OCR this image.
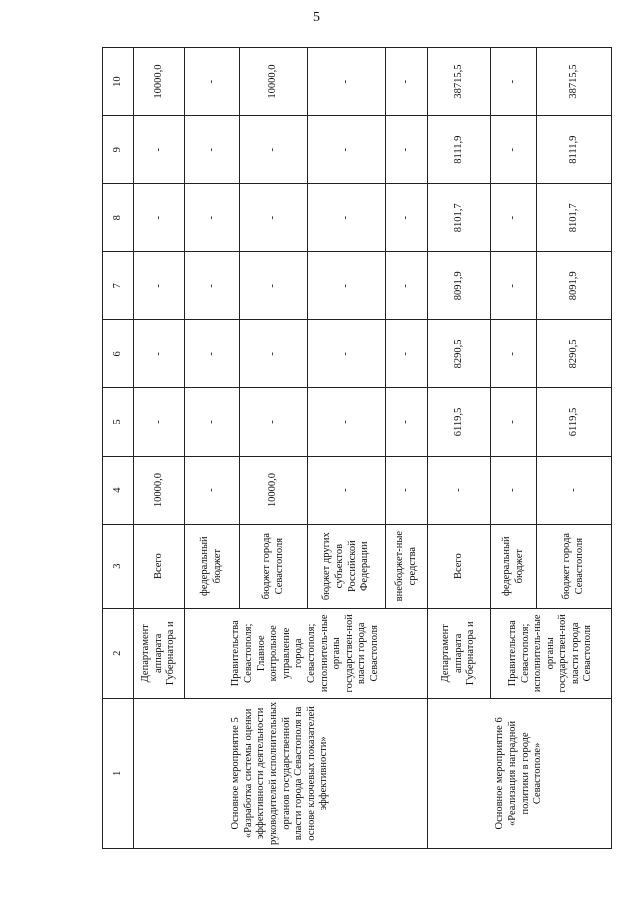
5
1	2	3	4	5	6	7	8	9	10
Основное мероприятие 5 «Разработка системы оценки эффективности деятельности руководителей исполнительных органов государственной власти города Севастополя на основе ключевых показателей эффективности»	Департамент аппарата Губернатора и	Всего	10000,0	-	-	-	-	-	10000,0
	Правительства Севастополя; Главное контрольное управление города Севастополя; исполнитель-ные органы государствен-ной власти города Севастополя	федеральный бюджет	-	-	-	-	-	-	-
		бюджет города Севастополя	10000,0	-	-	-	-	-	10000,0
		бюджет других субъектов Российской Федерации	-	-	-	-	-	-	-
		внебюджет-ные средства	-	-	-	-	-	-	-
Основное мероприятие 6 «Реализация наградной политики в городе Севастополе»	Департамент аппарата Губернатора и	Всего	-	6119,5	8290,5	8091,9	8101,7	8111,9	38715,5
	Правительства Севастополя; исполнитель-ные органы государствен-ной власти города Севастополя	федеральный бюджет	-	-	-	-	-	-	-
		бюджет города Севастополя	-	6119,5	8290,5	8091,9	8101,7	8111,9	38715,5
